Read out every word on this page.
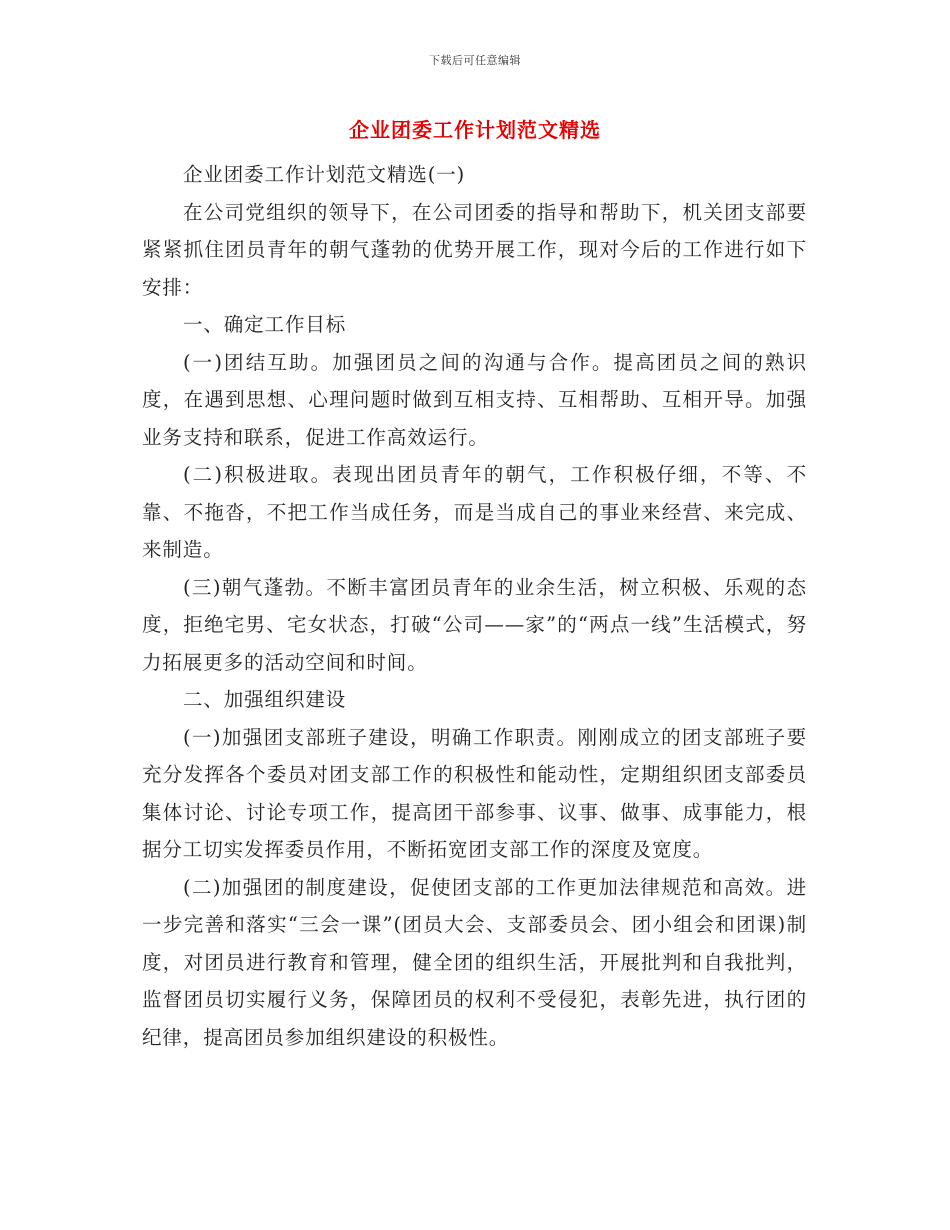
下载后可任意编辑
企业团委工作计划范文精选

企业团委工作计划范文精选(一)

在公司党组织的领导下，在公司团委的指导和帮助下，机关团支部要紧紧抓住团员青年的朝气蓬勃的优势开展工作，现对今后的工作进行如下安排：

一、确定工作目标

(一)团结互助。加强团员之间的沟通与合作。提高团员之间的熟识度，在遇到思想、心理问题时做到互相支持、互相帮助、互相开导。加强业务支持和联系，促进工作高效运行。

(二)积极进取。表现出团员青年的朝气，工作积极仔细，不等、不靠、不拖沓，不把工作当成任务，而是当成自己的事业来经营、来完成、来制造。

(三)朝气蓬勃。不断丰富团员青年的业余生活，树立积极、乐观的态度，拒绝宅男、宅女状态，打破“公司——家”的“两点一线”生活模式，努力拓展更多的活动空间和时间。

二、加强组织建设

(一)加强团支部班子建设，明确工作职责。刚刚成立的团支部班子要充分发挥各个委员对团支部工作的积极性和能动性，定期组织团支部委员集体讨论、讨论专项工作，提高团干部参事、议事、做事、成事能力，根据分工切实发挥委员作用，不断拓宽团支部工作的深度及宽度。

(二)加强团的制度建设，促使团支部的工作更加法律规范和高效。进一步完善和落实“三会一课”(团员大会、支部委员会、团小组会和团课)制度，对团员进行教育和管理，健全团的组织生活，开展批判和自我批判，监督团员切实履行义务，保障团员的权利不受侵犯，表彰先进，执行团的纪律，提高团员参加组织建设的积极性。
